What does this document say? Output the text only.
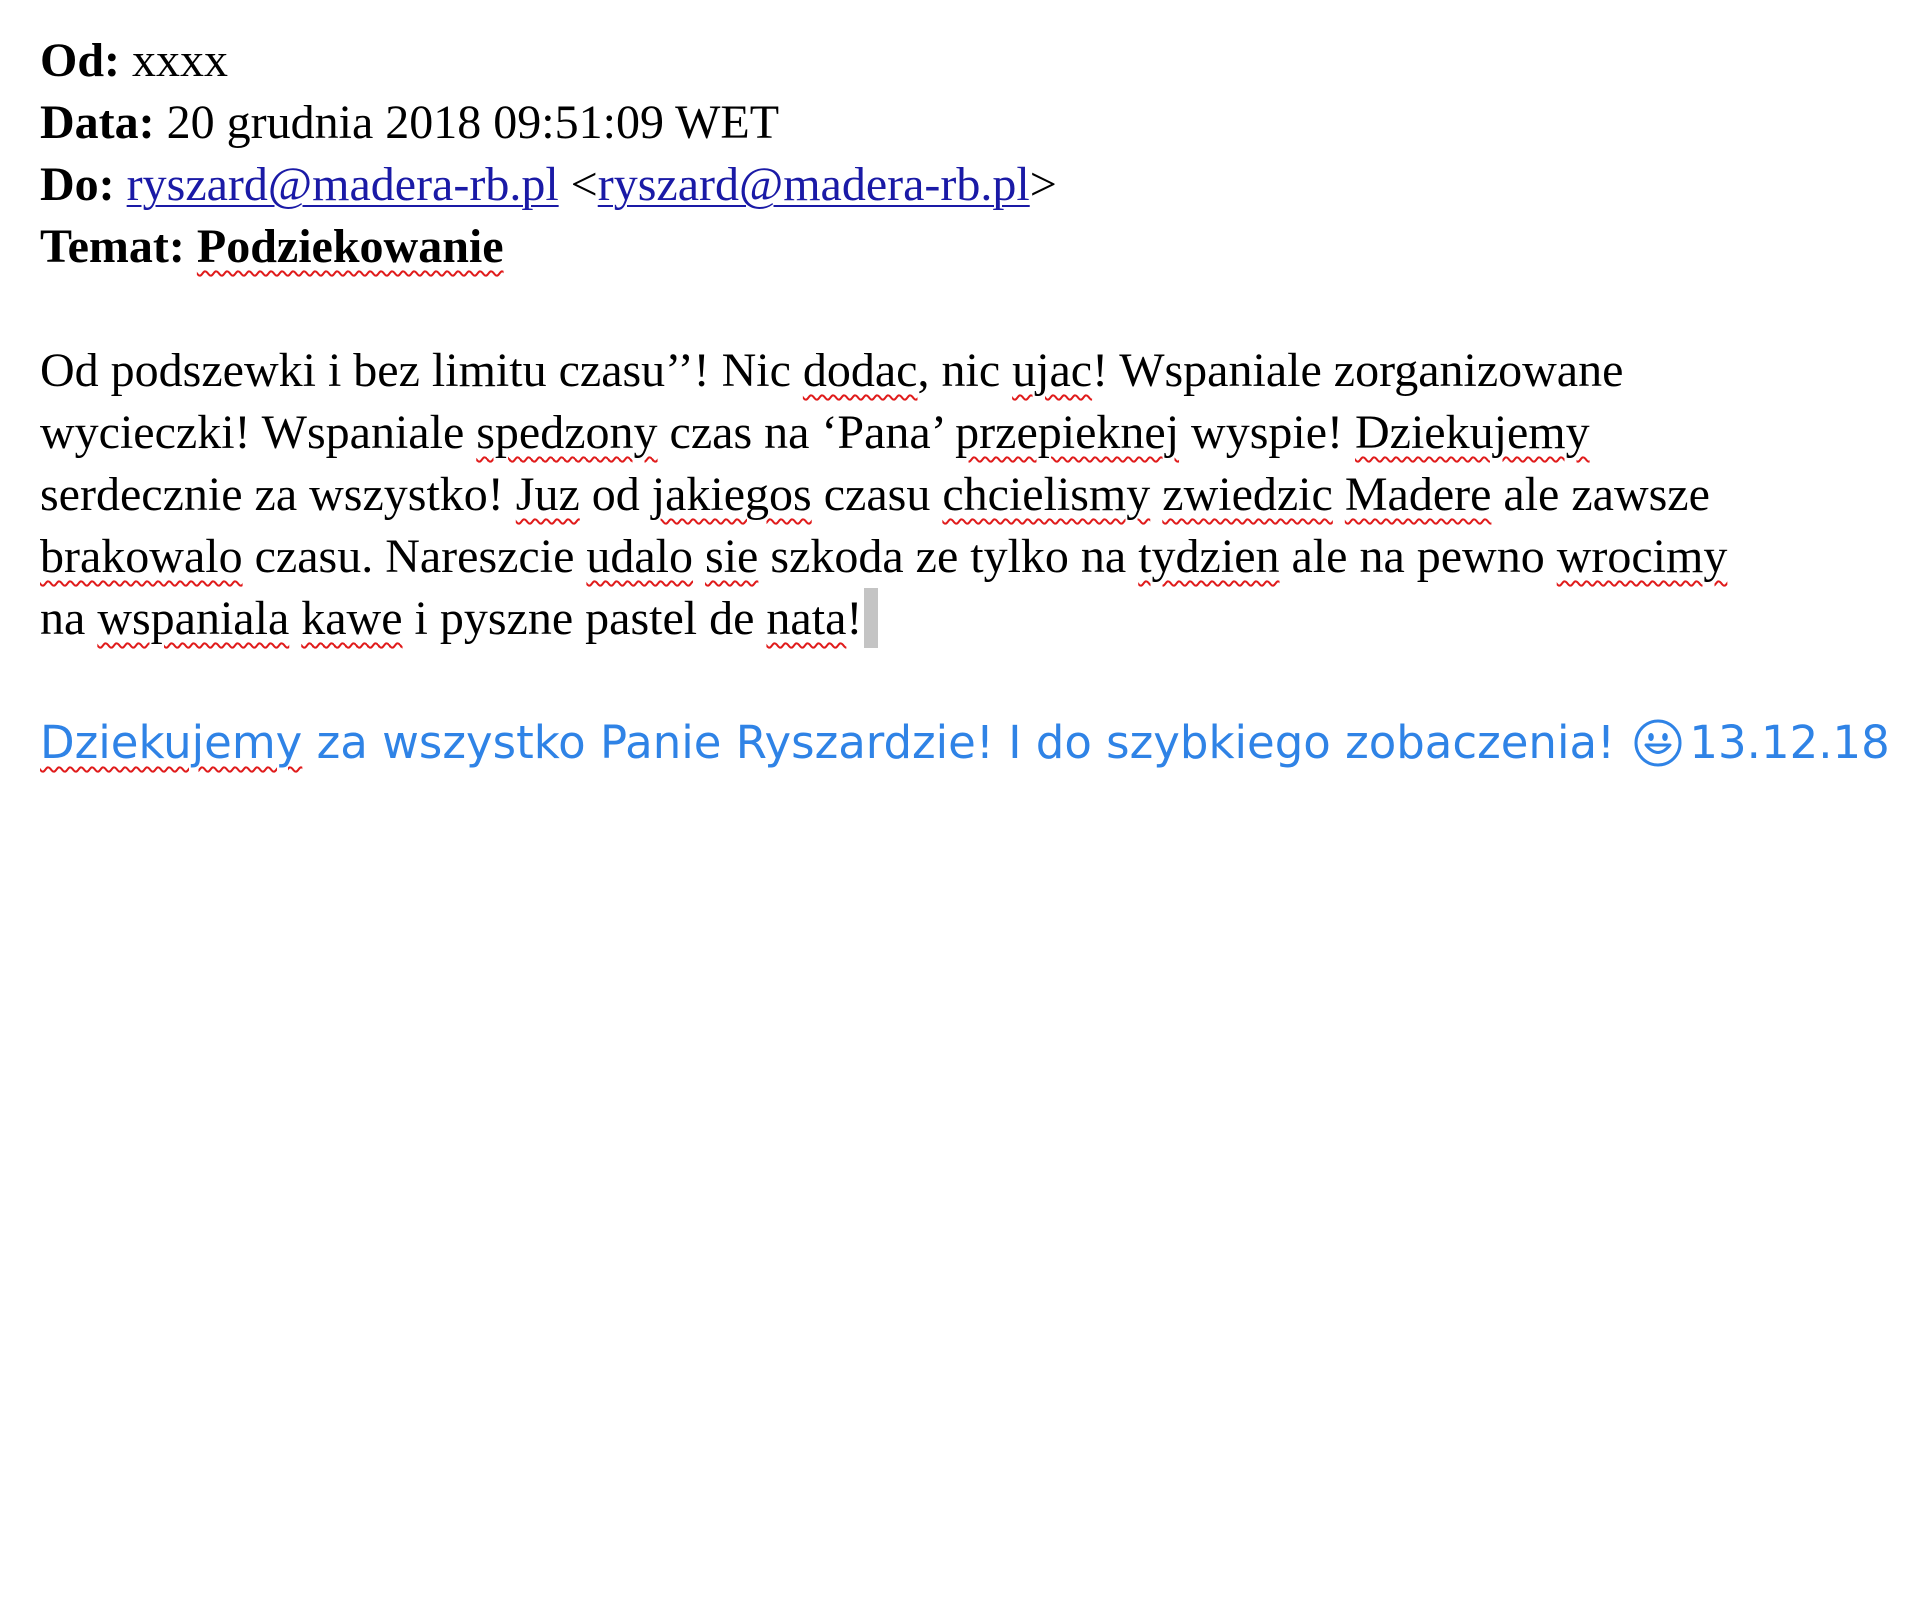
Od: xxxx
Data: 20 grudnia 2018 09:51:09 WET
Do: ryszard@madera-rb.pl <ryszard@madera-rb.pl>
Temat: Podziekowanie
Od podszewki i bez limitu czasu’’! Nic dodac, nic ujac! Wspaniale zorganizowane
wycieczki! Wspaniale spedzony czas na ‘Pana’ przepieknej wyspie! Dziekujemy
serdecznie za wszystko! Juz od jakiegos czasu chcielismy zwiedzic Madere ale zawsze
brakowalo czasu. Nareszcie udalo sie szkoda ze tylko na tydzien ale na pewno wrocimy
na wspaniala kawe i pyszne pastel de nata!
Dziekujemy za wszystko Panie Ryszardzie! I do szybkiego zobaczenia! 13.12.18
